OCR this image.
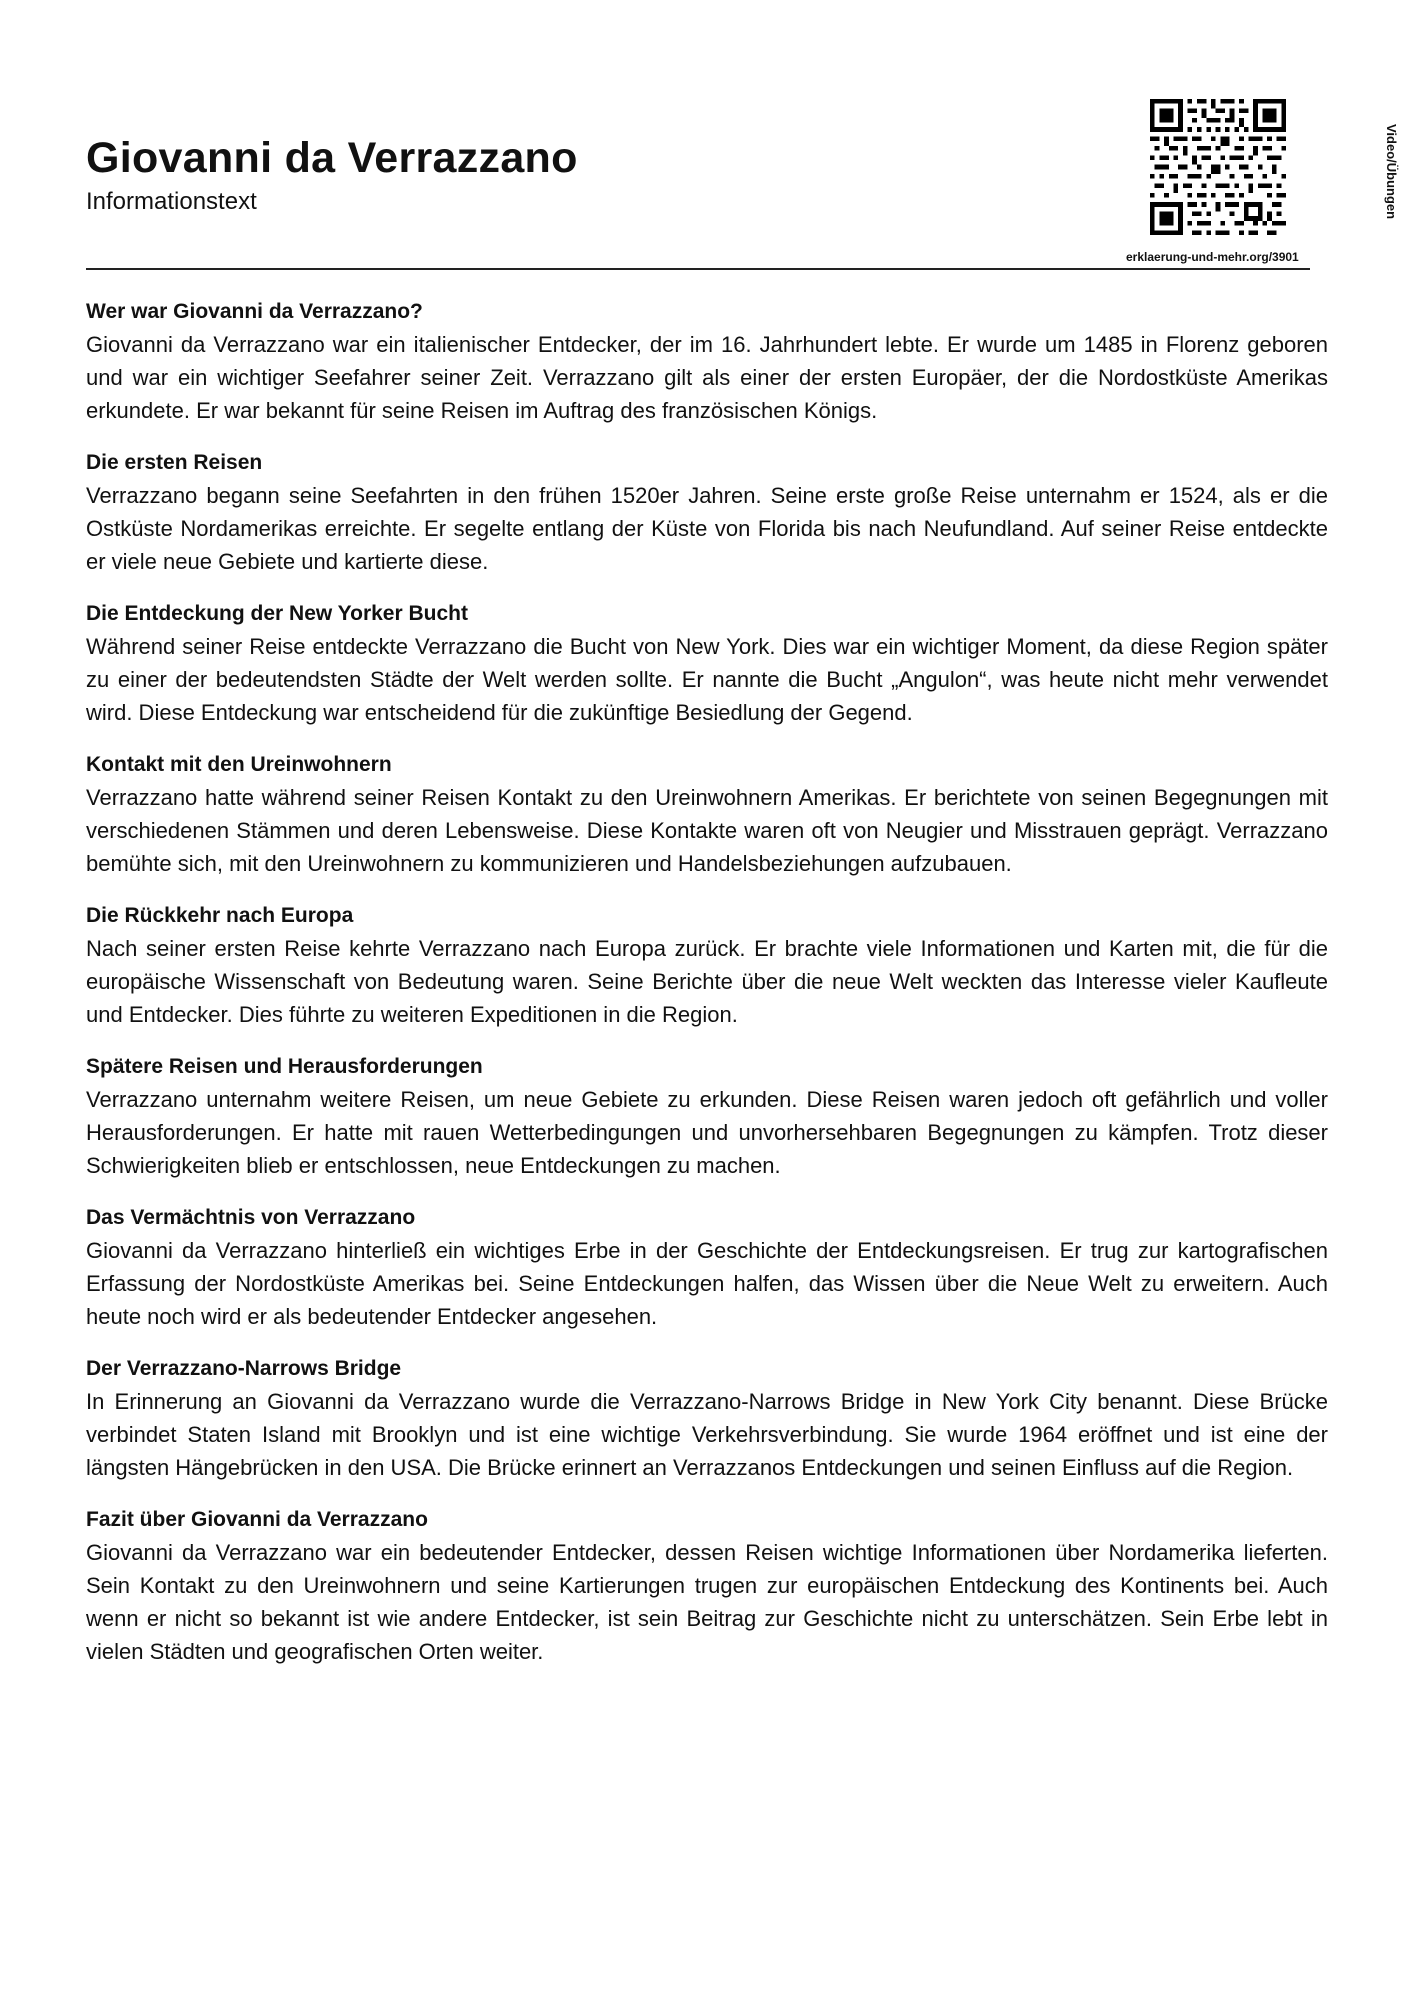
Giovanni da Verrazzano
Informationstext	Video/Übungen
erklaerung-und-mehr.org/3901
Wer war Giovanni da Verrazzano?

Giovanni da Verrazzano war ein italienischer Entdecker, der im 16. Jahrhundert lebte. Er wurde um 1485 in Florenz geboren und war ein wichtiger Seefahrer seiner Zeit. Verrazzano gilt als einer der ersten Europäer, der die Nordostküste Amerikas erkundete. Er war bekannt für seine Reisen im Auftrag des französischen Königs.

Die ersten Reisen

Verrazzano begann seine Seefahrten in den frühen 1520er Jahren. Seine erste große Reise unternahm er 1524, als er die Ostküste Nordamerikas erreichte. Er segelte entlang der Küste von Florida bis nach Neufundland. Auf seiner Reise entdeckte er viele neue Gebiete und kartierte diese.

Die Entdeckung der New Yorker Bucht

Während seiner Reise entdeckte Verrazzano die Bucht von New York. Dies war ein wichtiger Moment, da diese Region später zu einer der bedeutendsten Städte der Welt werden sollte. Er nannte die Bucht „Angulon“, was heute nicht mehr verwendet wird. Diese Entdeckung war entscheidend für die zukünftige Besiedlung der Gegend.

Kontakt mit den Ureinwohnern

Verrazzano hatte während seiner Reisen Kontakt zu den Ureinwohnern Amerikas. Er berichtete von seinen Begegnungen mit verschiedenen Stämmen und deren Lebensweise. Diese Kontakte waren oft von Neugier und Misstrauen geprägt. Verrazzano bemühte sich, mit den Ureinwohnern zu kommunizieren und Handelsbeziehungen aufzubauen.

Die Rückkehr nach Europa

Nach seiner ersten Reise kehrte Verrazzano nach Europa zurück. Er brachte viele Informationen und Karten mit, die für die europäische Wissenschaft von Bedeutung waren. Seine Berichte über die neue Welt weckten das Interesse vieler Kaufleute und Entdecker. Dies führte zu weiteren Expeditionen in die Region.

Spätere Reisen und Herausforderungen

Verrazzano unternahm weitere Reisen, um neue Gebiete zu erkunden. Diese Reisen waren jedoch oft gefährlich und voller Herausforderungen. Er hatte mit rauen Wetterbedingungen und unvorhersehbaren Begegnungen zu kämpfen. Trotz dieser Schwierigkeiten blieb er entschlossen, neue Entdeckungen zu machen.

Das Vermächtnis von Verrazzano

Giovanni da Verrazzano hinterließ ein wichtiges Erbe in der Geschichte der Entdeckungsreisen. Er trug zur kartografischen Erfassung der Nordostküste Amerikas bei. Seine Entdeckungen halfen, das Wissen über die Neue Welt zu erweitern. Auch heute noch wird er als bedeutender Entdecker angesehen.

Der Verrazzano-Narrows Bridge

In Erinnerung an Giovanni da Verrazzano wurde die Verrazzano-Narrows Bridge in New York City benannt. Diese Brücke verbindet Staten Island mit Brooklyn und ist eine wichtige Verkehrsverbindung. Sie wurde 1964 eröffnet und ist eine der längsten Hängebrücken in den USA. Die Brücke erinnert an Verrazzanos Entdeckungen und seinen Einfluss auf die Region.

Fazit über Giovanni da Verrazzano

Giovanni da Verrazzano war ein bedeutender Entdecker, dessen Reisen wichtige Informationen über Nordamerika lieferten. Sein Kontakt zu den Ureinwohnern und seine Kartierungen trugen zur europäischen Entdeckung des Kontinents bei. Auch wenn er nicht so bekannt ist wie andere Entdecker, ist sein Beitrag zur Geschichte nicht zu unterschätzen. Sein Erbe lebt in vielen Städten und geografischen Orten weiter.
